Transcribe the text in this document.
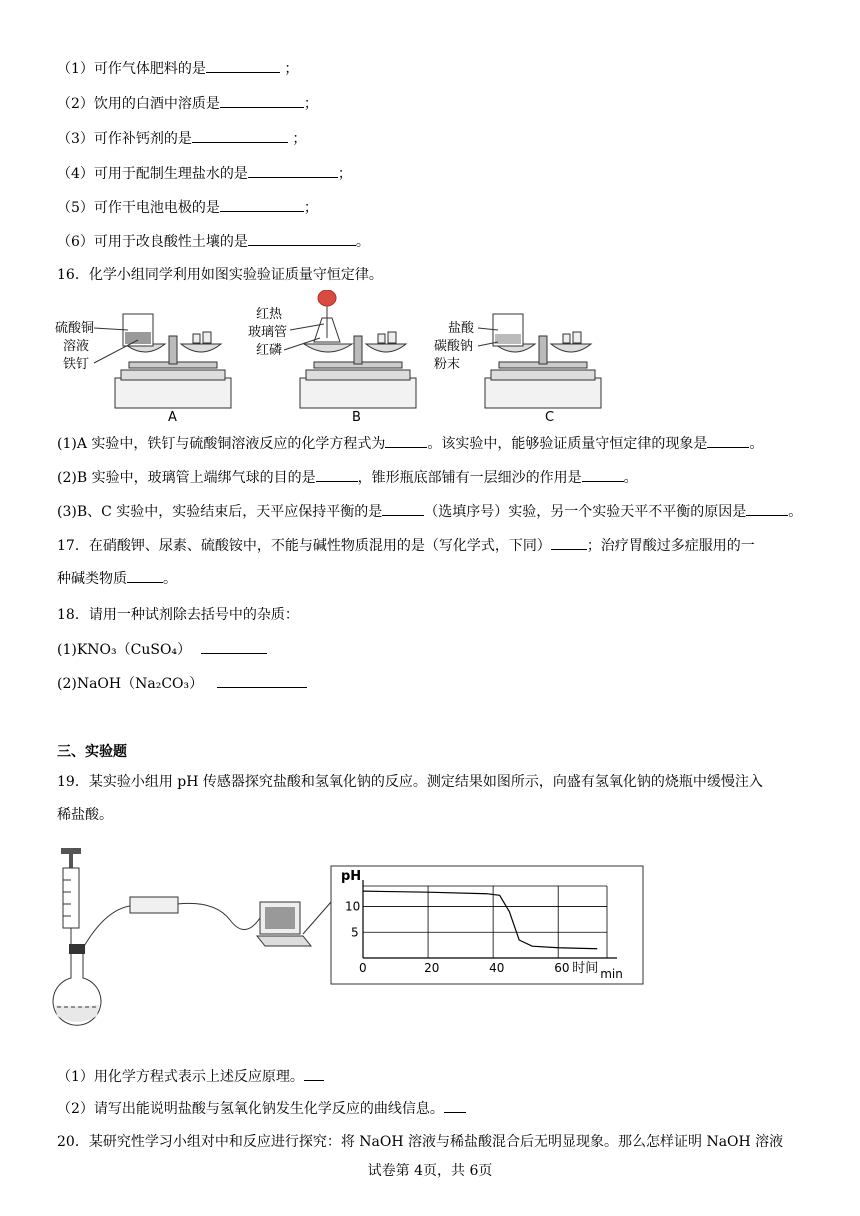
（1）可作气体肥料的是	；
（2）饮用的白酒中溶质是	；
（3）可作补钙剂的是	；
（4）可用于配制生理盐水的是	；
（5）可作干电池电极的是	；
（6）可用于改良酸性土壤的是	。
16．化学小组同学利用如图实验验证质量守恒定律。
硫酸铜
溶液
铁钉
A
红热
玻璃管
红磷
B
盐酸
碳酸钠
粉末
C
(1)A 实验中，铁钉与硫酸铜溶液反应的化学方程式为	。该实验中，能够验证质量守恒定律的现象是	。
(2)B 实验中，玻璃管上端绑气球的目的是	，锥形瓶底部铺有一层细沙的作用是	。
(3)B、C 实验中，实验结束后，天平应保持平衡的是	（选填序号）实验，另一个实验天平不平衡的原因是	。
17．在硝酸钾、尿素、硫酸铵中，不能与碱性物质混用的是（写化学式，下同）	；治疗胃酸过多症服用的一
种碱类物质	。
18．请用一种试剂除去括号中的杂质：
(1)KNO₃（CuSO₄）
(2)NaOH（Na₂CO₃）
三、实验题
19．某实验小组用 pH 传感器探究盐酸和氢氧化钠的反应。测定结果如图所示，向盛有氢氧化钠的烧瓶中缓慢注入
稀盐酸。
0	20	40	60
5
10
pH
时间 min
（1）用化学方程式表示上述反应原理。
（2）请写出能说明盐酸与氢氧化钠发生化学反应的曲线信息。
20．某研究性学习小组对中和反应进行探究：将 NaOH 溶液与稀盐酸混合后无明显现象。那么怎样证明 NaOH 溶液
试卷第 4页，共 6页
